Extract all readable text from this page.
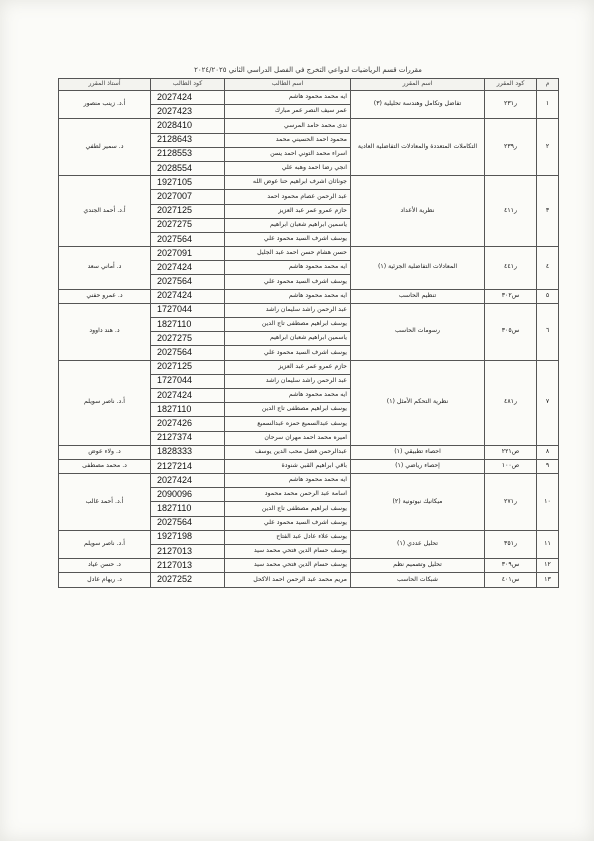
مقررات قسم الرياضيات لدواعي التخرج في الفصل الدراسي الثاني ٢٠٢٤/٢٠٢٥
م	كود المقرر	اسم المقرر	اسم الطالب	كود الطالب	أستاذ المقرر
١	ر٢٣١	تفاضل وتكامل وهندسة تحليلية (٣)	ايه محمد محمود هاشم	2027424	أ.د. زينب منصور
			عمر سيف النصر عمر مبارك	2027423	
٢	ر٢٣٩	التكاملات المتعددة والمعادلات التفاضلية العادية	ندى محمد حامد المرسي	2028410	د. سمير لطفي
			محمود احمد الحسيني محمد	2128643	
			اسراء محمد التوني احمد يسن	2128553	
			انجي رضا احمد وهبه علي	2028554	
٣	ر٤١١	نظرية الأعداد	جوناثان اشرف ابراهيم حنا عوض الله	1927105	أ.د. أحمد الجندي
			عبد الرحمن عصام محمود احمد	2027007	
			حازم عمرو عمر عبد العزيز	2027125	
			ياسمين ابراهيم شعبان ابراهيم	2027275	
			يوسف اشرف السيد محمود علي	2027564	
٤	ر٤٤١	المعادلات التفاضلية الجزئية (١)	حسن هشام حسن احمد عبد الجليل	2027091	د. أماني سعد
			ايه محمد محمود هاشم	2027424	
			يوسف اشرف السيد محمود علي	2027564	
٥	س٣٠٢	تنظيم الحاسب	ايه محمد محمود هاشم	2027424	د. عمرو حفني
٦	س٣٠٥	رسومات الحاسب	عبد الرحمن راشد سليمان راشد	1727044	د. هند داوود
			يوسف ابراهيم مصطفى تاج الدين	1827110	
			ياسمين ابراهيم شعبان ابراهيم	2027275	
			يوسف اشرف السيد محمود علي	2027564	
٧	ر٤٨١	نظرية التحكم الأمثل (١)	حازم عمرو عمر عبد العزيز	2027125	أ.د. ناصر سويلم
			عبد الرحمن راشد سليمان راشد	1727044	
			ايه محمد محمود هاشم	2027424	
			يوسف ابراهيم مصطفى تاج الدين	1827110	
			يوسف عبدالسميع حمزه عبدالسميع	2027426	
			اميره محمد احمد مهران سرحان	2127374	
٨	ص٢٢١	احصاء تطبيقي (١)	عبدالرحمن فضل محب الدين يوسف	1828333	د. ولاء عوض
٩	ص١٠٠	إحصاء رياضي (١)	باقي ابراهيم القبي شنودة	2127214	د. محمد مصطفى
١٠	ر٢٧١	ميكانيك نيوتونية (٢)	ايه محمد محمود هاشم	2027424	أ.د. أحمد غالب
			اسامة عبد الرحمن محمد محمود	2090096	
			يوسف ابراهيم مصطفى تاج الدين	1827110	
			يوسف اشرف السيد محمود علي	2027564	
١١	ر٣٥١	تحليل عددي (١)	يوسف علاء عادل عبد الفتاح	1927198	أ.د. ناصر سويلم
			يوسف حسام الدين فتحي محمد سيد	2127013	
١٢	س٣٠٩	تحليل وتصميم نظم	يوسف حسام الدين فتحي محمد سيد	2127013	د. حسن عياد
١٣	س٤٠١	شبكات الحاسب	مريم محمد عبد الرحمن احمد الاكحل	2027252	د. ريهام عادل
